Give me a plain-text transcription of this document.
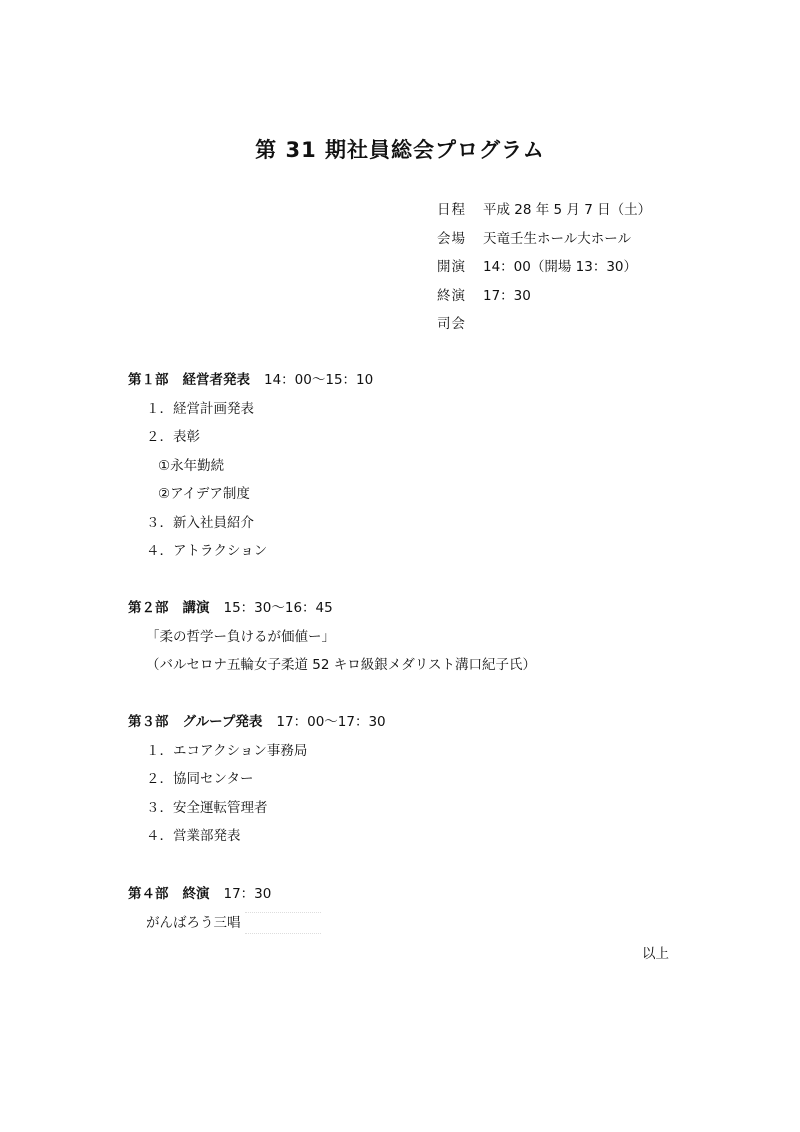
第 31 期社員総会プログラム
日程 平成 28 年 5 月 7 日（土）
会場 天竜壬生ホール大ホール
開演 14：00（開場 13：30）
終演 17：30
司会
第１部 経営者発表 14：00～15：10
１．経営計画発表
２．表彰
①永年勤続
②アイデア制度
３．新入社員紹介
４．アトラクション
第２部 講演 15：30～16：45
「柔の哲学ー負けるが価値ー」
（バルセロナ五輪女子柔道 52 キロ級銀メダリスト溝口紀子氏）
第３部 グループ発表 17：00～17：30
１．エコアクション事務局
２．協同センター
３．安全運転管理者
４．営業部発表
第４部 終演 17：30
がんばろう三唱
以上
